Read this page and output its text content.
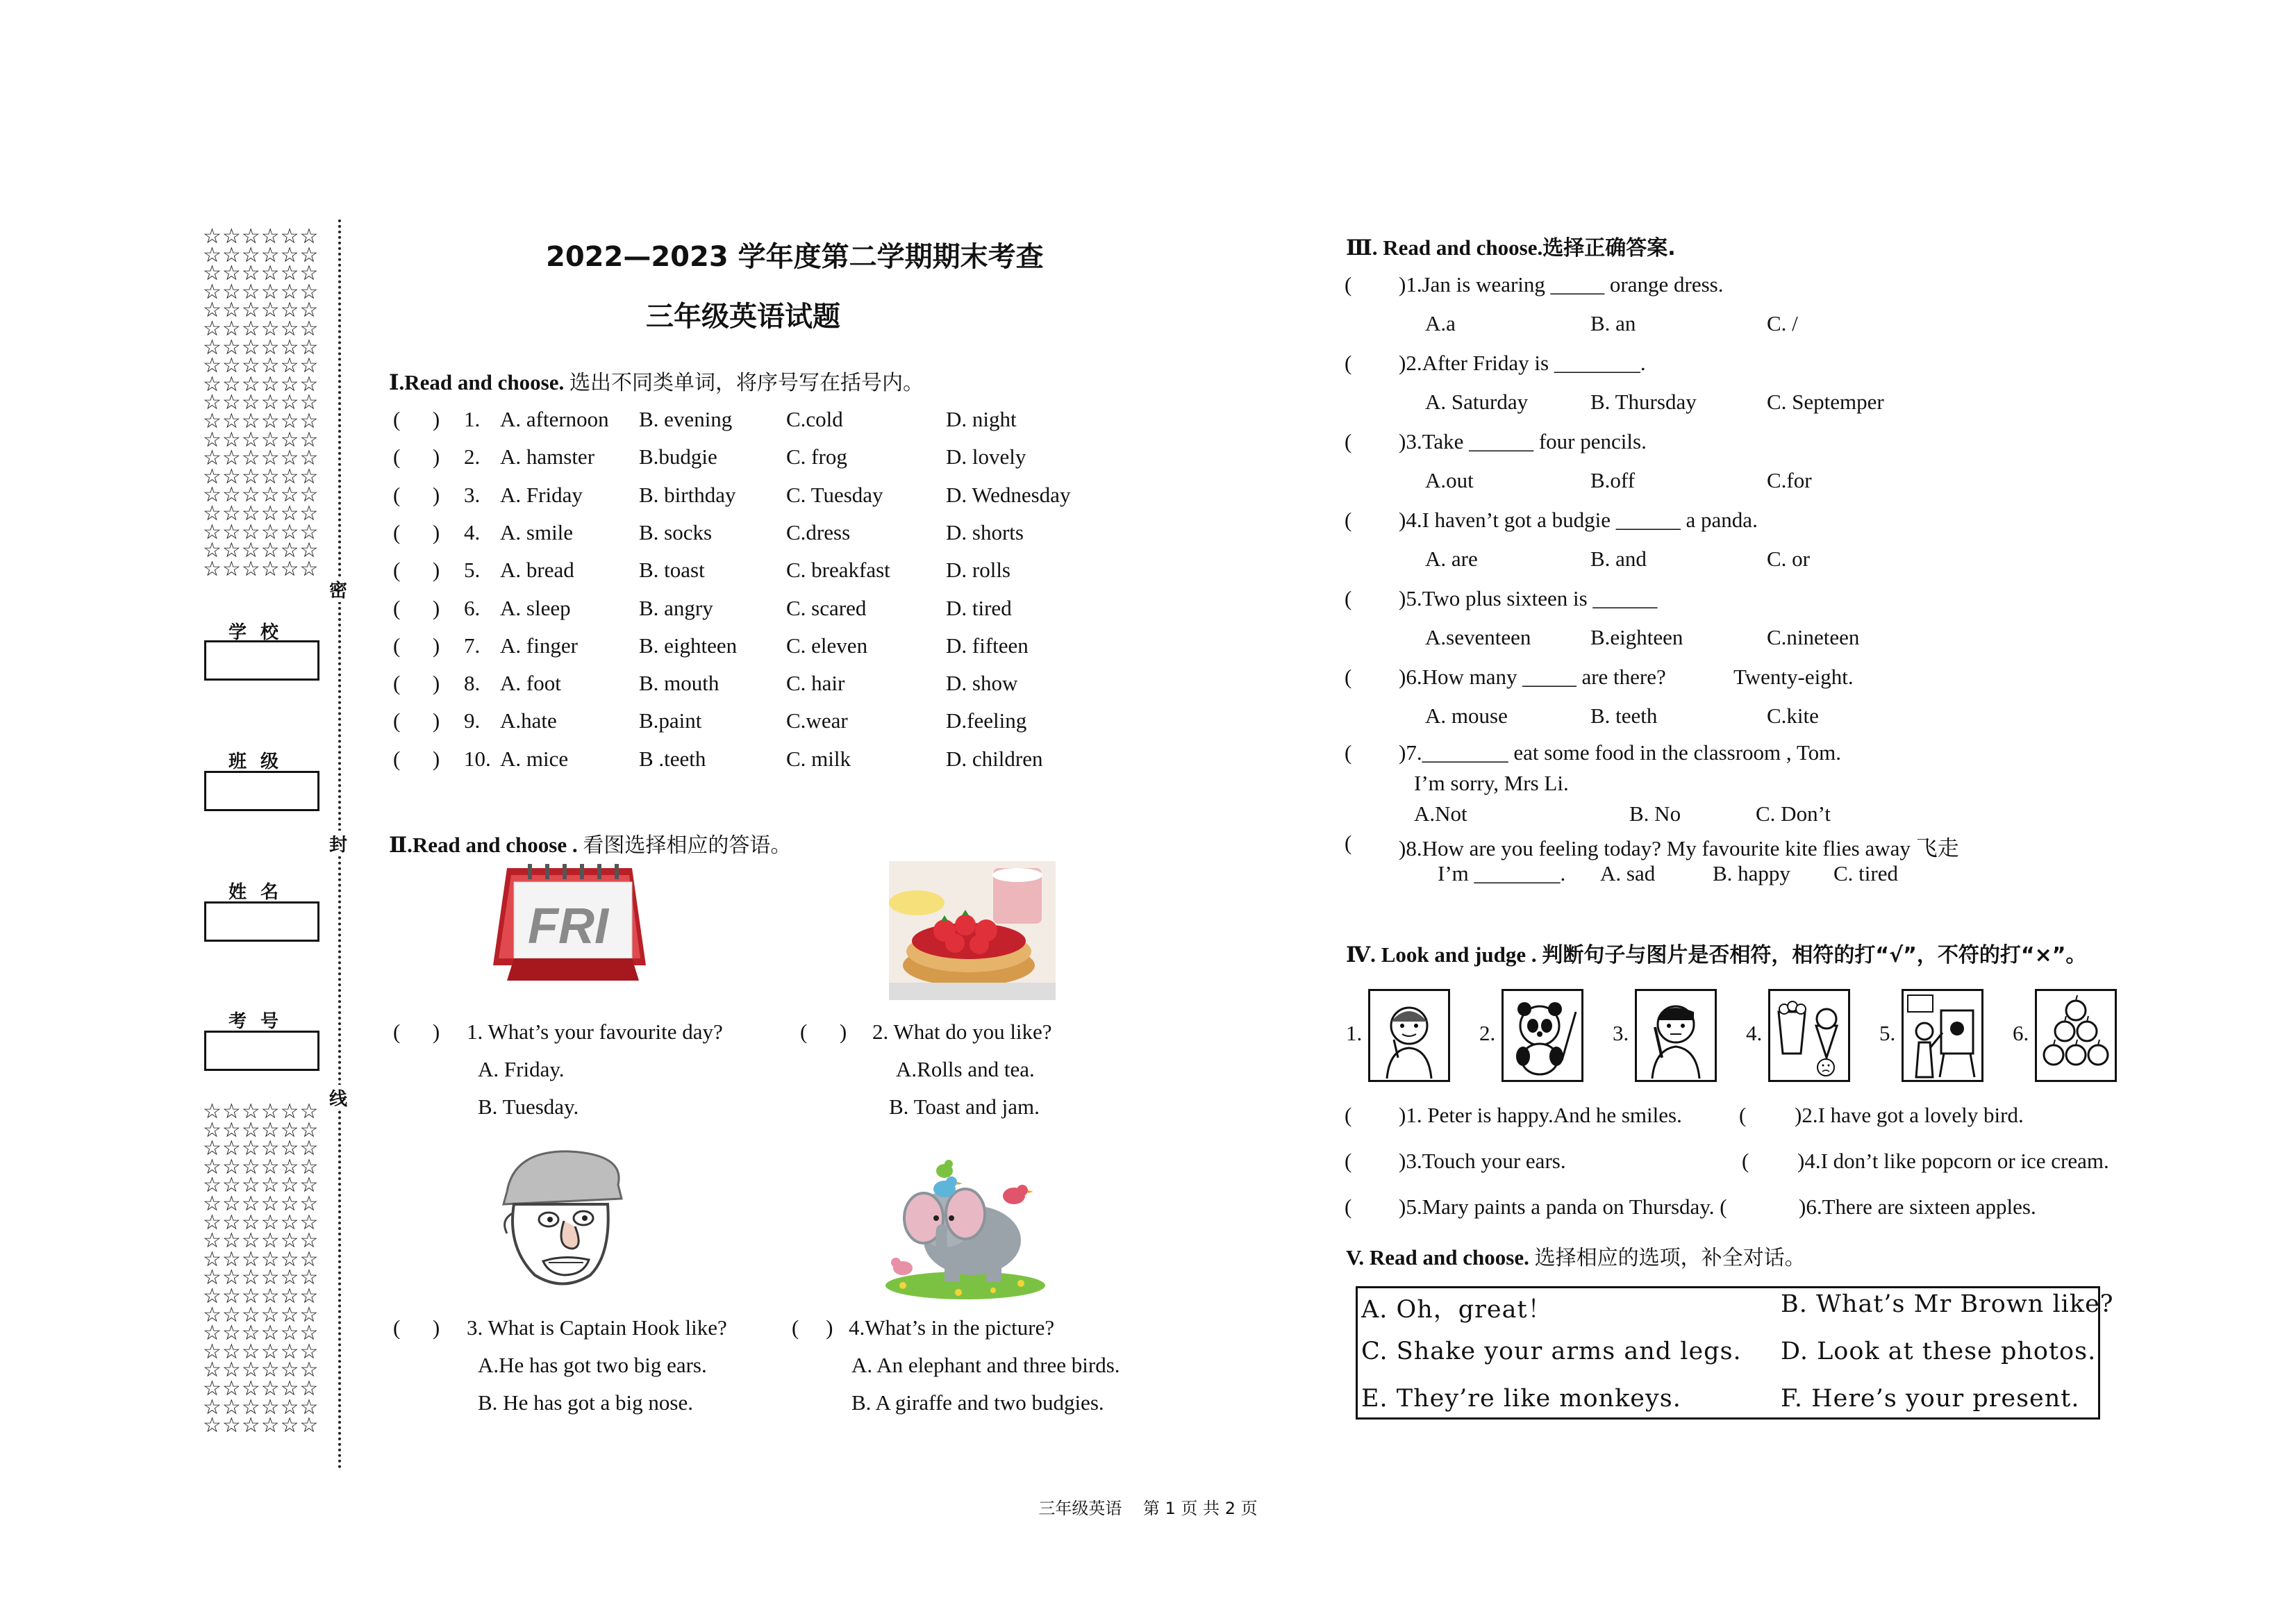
☆☆☆☆☆☆
☆☆☆☆☆☆
☆☆☆☆☆☆
☆☆☆☆☆☆
☆☆☆☆☆☆
☆☆☆☆☆☆
☆☆☆☆☆☆
☆☆☆☆☆☆
☆☆☆☆☆☆
☆☆☆☆☆☆
☆☆☆☆☆☆
☆☆☆☆☆☆
☆☆☆☆☆☆
☆☆☆☆☆☆
☆☆☆☆☆☆
☆☆☆☆☆☆
☆☆☆☆☆☆
☆☆☆☆☆☆
☆☆☆☆☆☆
☆☆☆☆☆☆
☆☆☆☆☆☆
☆☆☆☆☆☆
☆☆☆☆☆☆
☆☆☆☆☆☆
☆☆☆☆☆☆
☆☆☆☆☆☆
☆☆☆☆☆☆
☆☆☆☆☆☆
☆☆☆☆☆☆
☆☆☆☆☆☆
☆☆☆☆☆☆
☆☆☆☆☆☆
☆☆☆☆☆☆
☆☆☆☆☆☆
☆☆☆☆☆☆
☆☆☆☆☆☆
☆☆☆☆☆☆
学校
班级
姓名
考号
密
封
线
2022—2023 学年度第二学期期末考查
三年级英语试题
Ⅰ.Read and choose. 选出不同类单词，将序号写在括号内。
(      ) 1. A. afternoon B. evening	C.cold	D. night
(      ) 2. A. hamster B.budgie	C. frog	D. lovely
(      ) 3. A. Friday	B. birthday C. Tuesday	D. Wednesday
(      ) 4. A. smile	B. socks	C.dress	D. shorts
(      ) 5. A. bread	B. toast	C. breakfast	D. rolls
(      ) 6. A. sleep	B. angry	C. scared	D. tired
(      ) 7. A. finger	B. eighteen C. eleven	D. fifteen
(      ) 8. A. foot	B. mouth	C. hair	D. show
(      ) 9. A.hate	B.paint	C.wear	D.feeling
(      ) 10. A. mice	B .teeth	C. milk	D. children
Ⅱ.Read and choose . 看图选择相应的答语。
FRI
(      ) 1. What’s your favourite day?
A. Friday.
B. Tuesday.
(      ) 2. What do you like?
A.Rolls and tea.
B. Toast and jam.
(      ) 3. What is Captain Hook like?
A.He has got two big ears.
B. He has got a big nose.
(     ) 4.What’s in the picture?
A. An elephant and three birds.
B. A giraffe and two budgies.
Ⅲ. Read and choose.选择正确答案.
( )1.Jan is wearing _____ orange dress.
A.a	B. an	C. /
( )2.After Friday is ________.
A. Saturday	B. Thursday	C. Septemper
( )3.Take ______ four pencils.
A.out	B.off	C.for
( )4.I haven’t got a budgie ______ a panda.
A. are	B. and	C. or
( )5.Two plus sixteen is ______
A.seventeen	B.eighteen	C.nineteen
( )6.How many _____ are there?	Twenty-eight.
A. mouse	B. teeth	C.kite
( )7.________ eat some food in the classroom , Tom.
I’m sorry, Mrs Li.
A.Not	B. No	C. Don’t
( )8.How are you feeling today? My favourite kite flies away 飞走
I’m ________. A. sad	B. happy C. tired
Ⅳ. Look and judge . 判断句子与图片是否相符，相符的打“√”，不符的打“×”。
1.	2.	3.	4.	5.	6.
( )1. Peter is happy.And he smiles.	( )2.I have got a lovely bird.
( )3.Touch your ears.	( )4.I don’t like popcorn or ice cream.
( )5.Mary paints a panda on Thursday. (	)6.There are sixteen apples.
V. Read and choose. 选择相应的选项，补全对话。
A. Oh，great！	B. What’s Mr Brown like?
C. Shake your arms and legs. D. Look at these photos.
E. They’re like monkeys.	F. Here’s your present.
三年级英语 第 1 页 共 2 页
